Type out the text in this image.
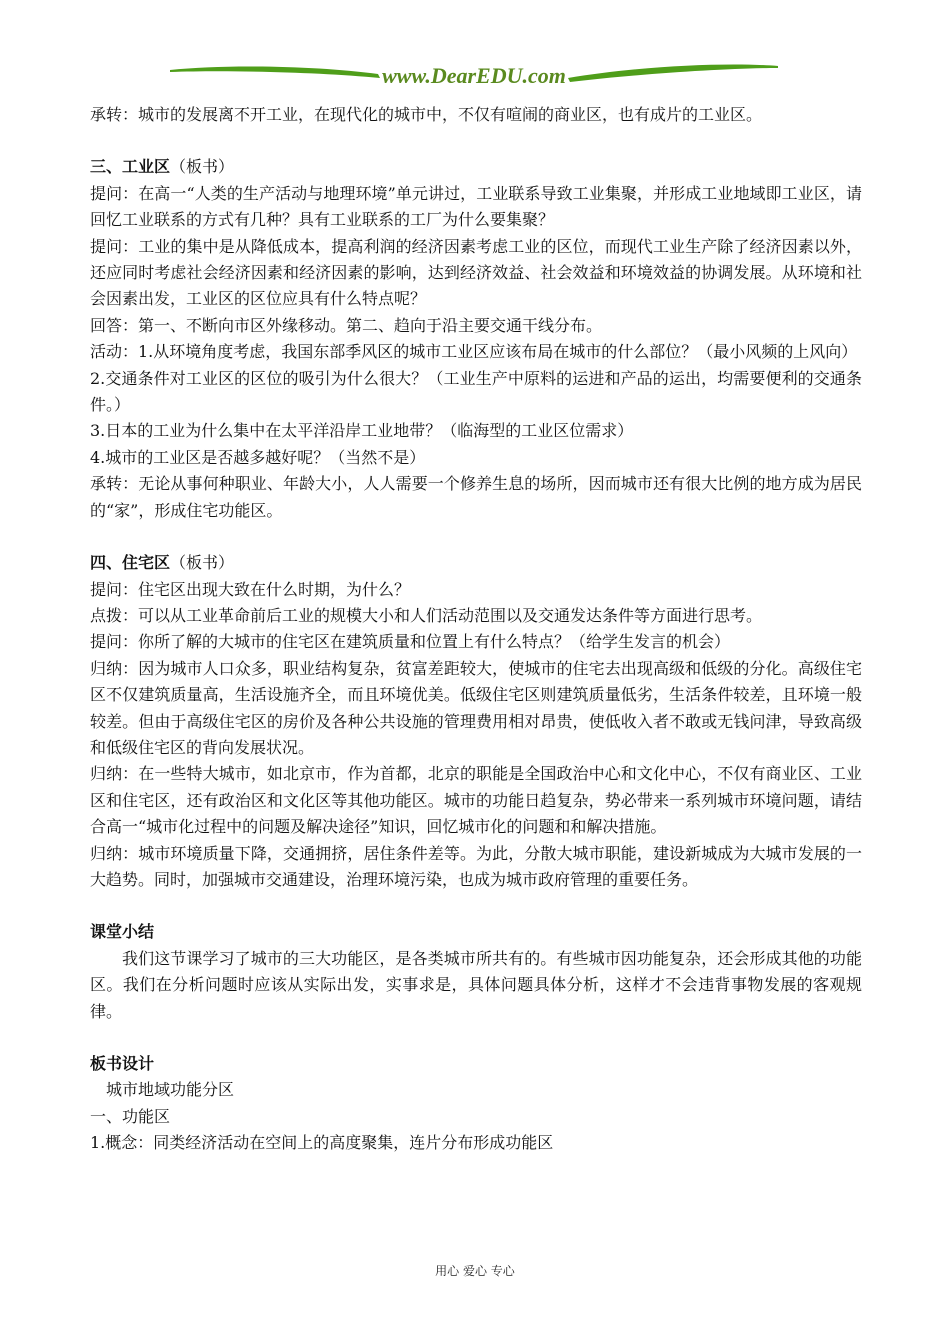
www.DearEDU.com

承转：城市的发展离不开工业，在现代化的城市中，不仅有喧闹的商业区，也有成片的工业区。

三、工业区（板书）

提问：在高一“人类的生产活动与地理环境”单元讲过，工业联系导致工业集聚，并形成工业地域即工业区，请回忆工业联系的方式有几种？具有工业联系的工厂为什么要集聚？

提问：工业的集中是从降低成本，提高利润的经济因素考虑工业的区位，而现代工业生产除了经济因素以外，还应同时考虑社会经济因素和经济因素的影响，达到经济效益、社会效益和环境效益的协调发展。从环境和社会因素出发，工业区的区位应具有什么特点呢？

回答：第一、不断向市区外缘移动。第二、趋向于沿主要交通干线分布。

活动：1.从环境角度考虑，我国东部季风区的城市工业区应该布局在城市的什么部位？（最小风频的上风向）

2.交通条件对工业区的区位的吸引为什么很大？（工业生产中原料的运进和产品的运出，均需要便利的交通条件。）

3.日本的工业为什么集中在太平洋沿岸工业地带？（临海型的工业区位需求）

4.城市的工业区是否越多越好呢？（当然不是）

承转：无论从事何种职业、年龄大小，人人需要一个修养生息的场所，因而城市还有很大比例的地方成为居民的“家”，形成住宅功能区。

四、住宅区（板书）

提问：住宅区出现大致在什么时期，为什么？

点拨：可以从工业革命前后工业的规模大小和人们活动范围以及交通发达条件等方面进行思考。

提问：你所了解的大城市的住宅区在建筑质量和位置上有什么特点？（给学生发言的机会）

归纳：因为城市人口众多，职业结构复杂，贫富差距较大，使城市的住宅去出现高级和低级的分化。高级住宅区不仅建筑质量高，生活设施齐全，而且环境优美。低级住宅区则建筑质量低劣，生活条件较差，且环境一般较差。但由于高级住宅区的房价及各种公共设施的管理费用相对昂贵，使低收入者不敢或无钱问津，导致高级和低级住宅区的背向发展状况。

归纳：在一些特大城市，如北京市，作为首都，北京的职能是全国政治中心和文化中心，不仅有商业区、工业区和住宅区，还有政治区和文化区等其他功能区。城市的功能日趋复杂，势必带来一系列城市环境问题，请结合高一“城市化过程中的问题及解决途径”知识，回忆城市化的问题和和解决措施。

归纳：城市环境质量下降，交通拥挤，居住条件差等。为此，分散大城市职能，建设新城成为大城市发展的一大趋势。同时，加强城市交通建设，治理环境污染，也成为城市政府管理的重要任务。

课堂小结

我们这节课学习了城市的三大功能区，是各类城市所共有的。有些城市因功能复杂，还会形成其他的功能区。我们在分析问题时应该从实际出发，实事求是，具体问题具体分析，这样才不会违背事物发展的客观规律。

板书设计

城市地域功能分区

一、功能区

1.概念：同类经济活动在空间上的高度聚集，连片分布形成功能区

用心 爱心 专心
